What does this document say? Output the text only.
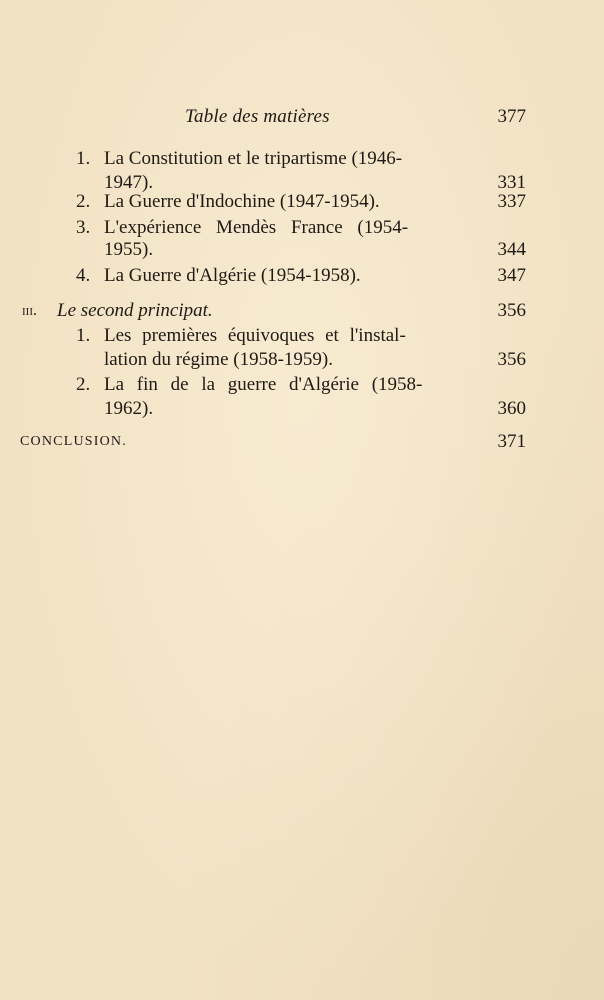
Table des matières	377
1. La Constitution et le tripartisme (1946-
1947).	331
2. La Guerre d'Indochine (1947-1954).	337
3. L'expérience Mendès France (1954-
1955).	344
4. La Guerre d'Algérie (1954-1958).	347
iii. Le second principat.	356
1. Les premières équivoques et l'instal-
lation du régime (1958-1959).	356
2. La fin de la guerre d'Algérie (1958-
1962).	360
CONCLUSION.	371
